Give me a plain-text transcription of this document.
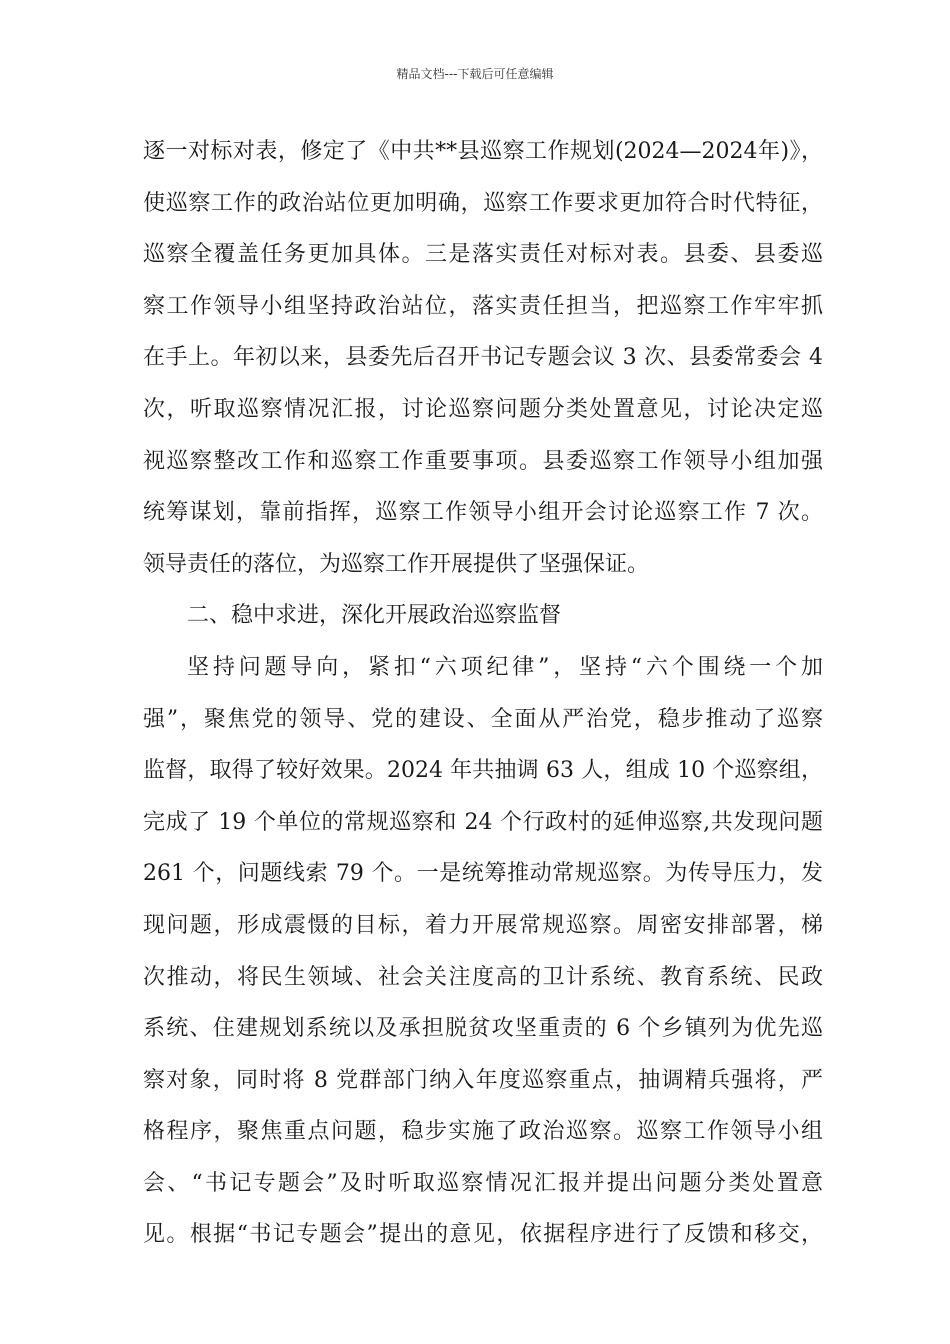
精品文档---下载后可任意编辑
逐一对标对表，修定了《中共**县巡察工作规划(2024—2024年)》，
使巡察工作的政治站位更加明确，巡察工作要求更加符合时代特征，
巡察全覆盖任务更加具体。三是落实责任对标对表。县委、县委巡
察工作领导小组坚持政治站位，落实责任担当，把巡察工作牢牢抓
在手上。年初以来，县委先后召开书记专题会议 3 次、县委常委会 4
次，听取巡察情况汇报，讨论巡察问题分类处置意见，讨论决定巡
视巡察整改工作和巡察工作重要事项。县委巡察工作领导小组加强
统筹谋划，靠前指挥，巡察工作领导小组开会讨论巡察工作 7 次。
领导责任的落位，为巡察工作开展提供了坚强保证。
二、稳中求进，深化开展政治巡察监督
坚持问题导向，紧扣“六项纪律”，坚持“六个围绕一个加
强”，聚焦党的领导、党的建设、全面从严治党，稳步推动了巡察
监督，取得了较好效果。2024 年共抽调 63 人，组成 10 个巡察组，
完成了 19 个单位的常规巡察和 24 个行政村的延伸巡察,共发现问题
261 个，问题线索 79 个。一是统筹推动常规巡察。为传导压力，发
现问题，形成震慑的目标，着力开展常规巡察。周密安排部署，梯
次推动，将民生领域、社会关注度高的卫计系统、教育系统、民政
系统、住建规划系统以及承担脱贫攻坚重责的 6 个乡镇列为优先巡
察对象，同时将 8 党群部门纳入年度巡察重点，抽调精兵强将，严
格程序，聚焦重点问题，稳步实施了政治巡察。巡察工作领导小组
会、“书记专题会”及时听取巡察情况汇报并提出问题分类处置意
见。根据“书记专题会”提出的意见，依据程序进行了反馈和移交，
